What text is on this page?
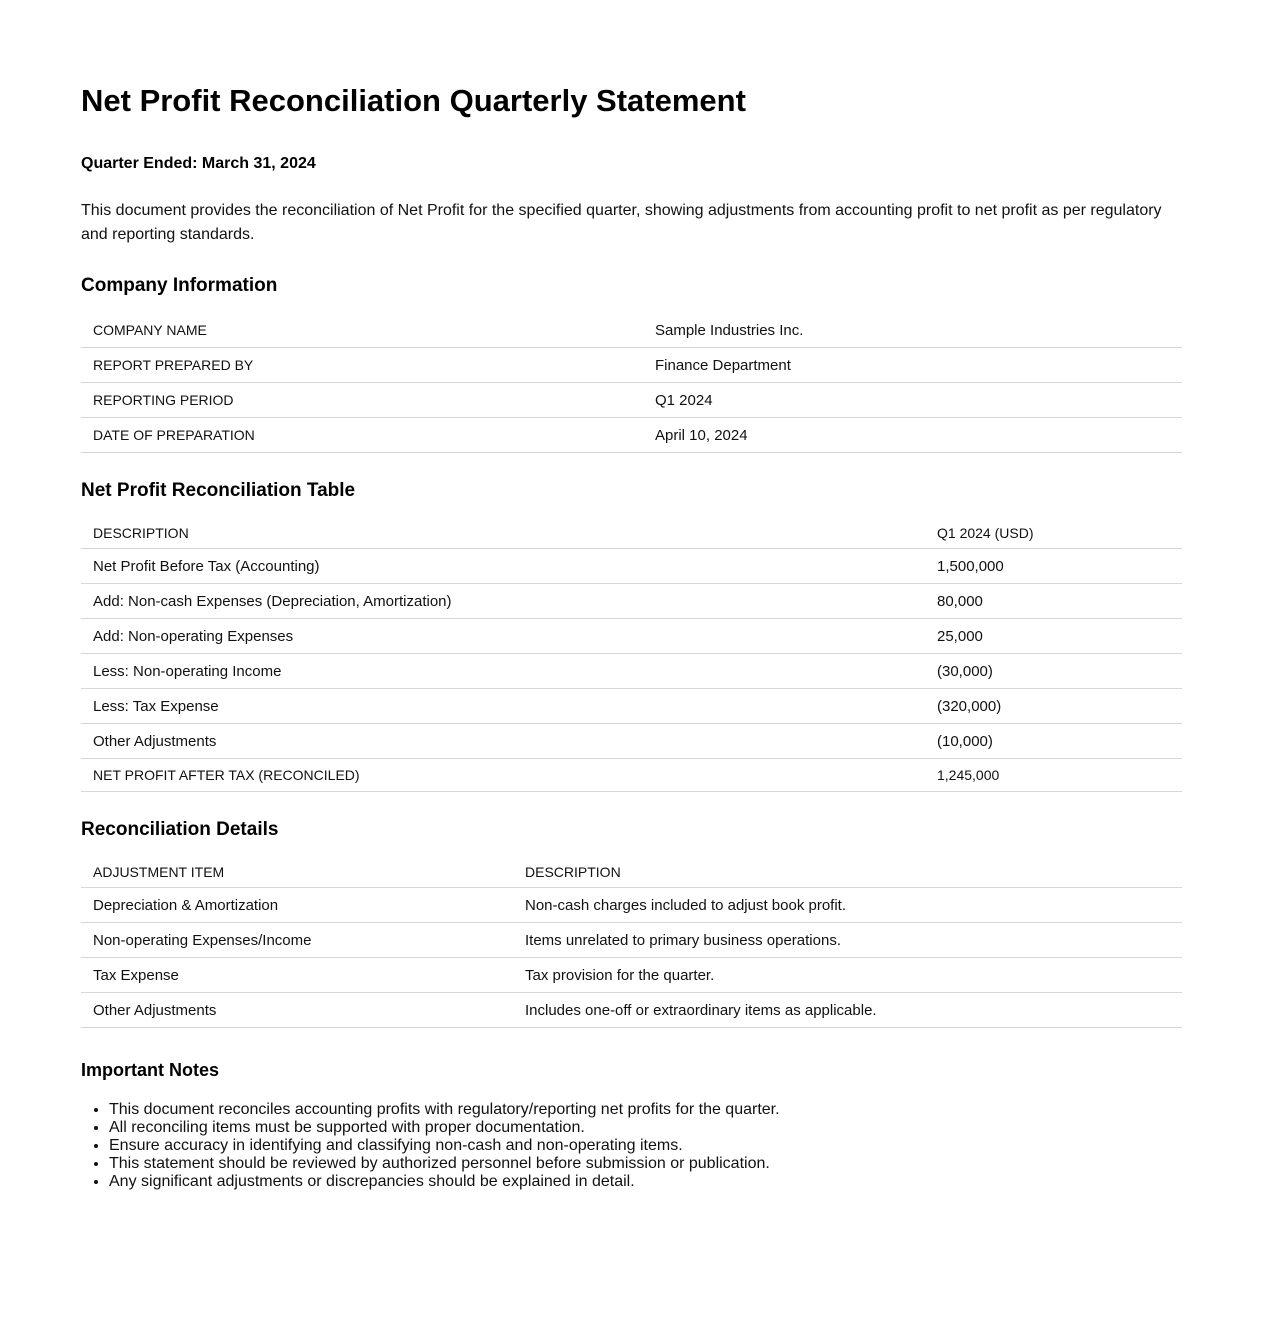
Net Profit Reconciliation Quarterly Statement
Quarter Ended: March 31, 2024

This document provides the reconciliation of Net Profit for the specified quarter, showing adjustments from accounting profit to net profit as per regulatory and reporting standards.

Company Information
COMPANY NAME	Sample Industries Inc.
REPORT PREPARED BY	Finance Department
REPORTING PERIOD	Q1 2024
DATE OF PREPARATION	April 10, 2024
Net Profit Reconciliation Table
DESCRIPTION	Q1 2024 (USD)
Net Profit Before Tax (Accounting)	1,500,000
Add: Non-cash Expenses (Depreciation, Amortization)	80,000
Add: Non-operating Expenses	25,000
Less: Non-operating Income	(30,000)
Less: Tax Expense	(320,000)
Other Adjustments	(10,000)
NET PROFIT AFTER TAX (RECONCILED)	1,245,000
Reconciliation Details
ADJUSTMENT ITEM	DESCRIPTION
Depreciation & Amortization	Non-cash charges included to adjust book profit.
Non-operating Expenses/Income	Items unrelated to primary business operations.
Tax Expense	Tax provision for the quarter.
Other Adjustments	Includes one-off or extraordinary items as applicable.
Important Notes
• This document reconciles accounting profits with regulatory/reporting net profits for the quarter.
• All reconciling items must be supported with proper documentation.
• Ensure accuracy in identifying and classifying non-cash and non-operating items.
• This statement should be reviewed by authorized personnel before submission or publication.
• Any significant adjustments or discrepancies should be explained in detail.
